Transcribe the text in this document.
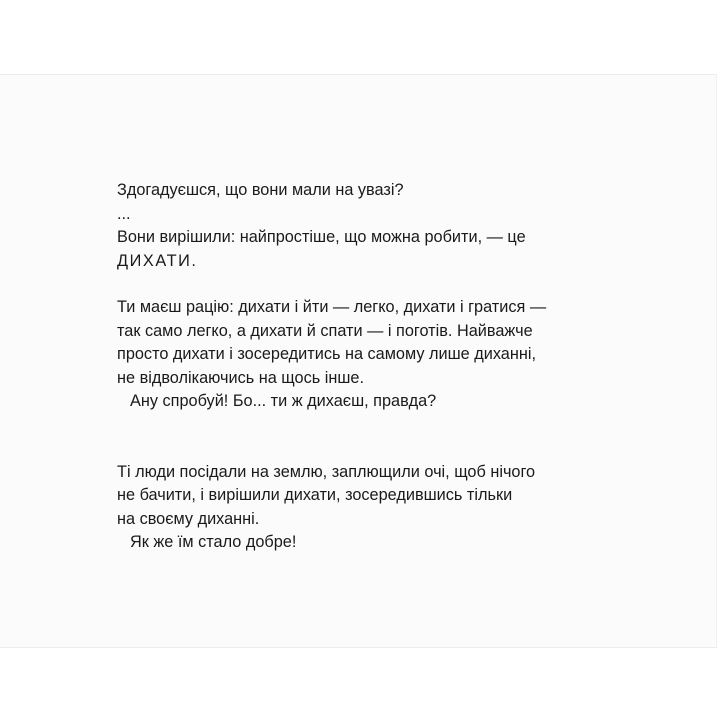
Здогадуєшся, що вони мали на увазі?

...

Вони вирішили: найпростіше, що можна робити, — це

ДИХАТИ.

Ти маєш рацію: дихати і йти — легко, дихати і гратися —

так само легко, а дихати й спати — і поготів. Найважче

просто дихати і зосередитись на самому лише диханні,

не відволікаючись на щось інше.

Ану спробуй! Бо... ти ж дихаєш, правда?

Ті люди посідали на землю, заплющили очі, щоб нічого

не бачити, і вирішили дихати, зосередившись тільки

на своєму диханні.

Як же їм стало добре!
